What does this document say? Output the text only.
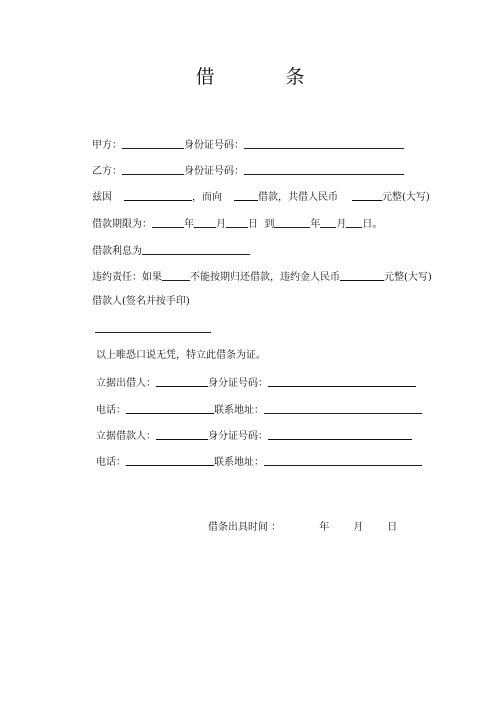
借　条
甲方：	身份证号码：
乙方：	身份证号码：
兹因	，而向	借款，共借人民币	元整(大写)
借款期限为：	年 月 日  到	年 月 日。
借款利息为
违约责任：如果	不能按期归还借款，违约金人民币	元整(大写)
借款人(签名并按手印)
以上唯恐口说无凭，特立此借条为证。
立据出借人：	身分证号码：
电话：	联系地址：
立据借款人：	身分证号码：
电话：	联系地址：
借条出具时间 ：	年 月 日
